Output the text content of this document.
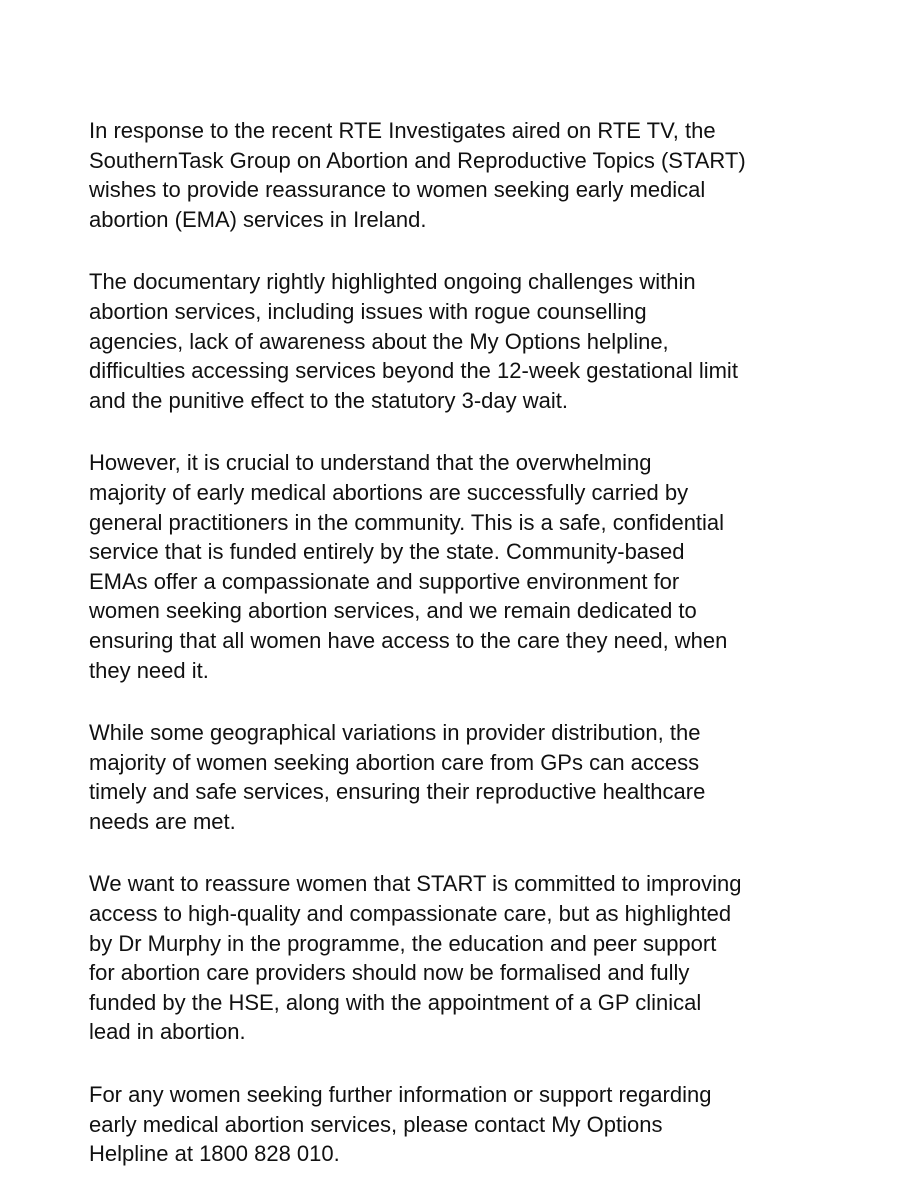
In response to the recent RTE Investigates aired on RTE TV, the
SouthernTask Group on Abortion and Reproductive Topics (START)
wishes to provide reassurance to women seeking early medical
abortion (EMA) services in Ireland.

The documentary rightly highlighted ongoing challenges within
abortion services, including issues with rogue counselling
agencies, lack of awareness about the My Options helpline,
difficulties accessing services beyond the 12-week gestational limit
and the punitive effect to the statutory 3-day wait.

However, it is crucial to understand that the overwhelming
majority of early medical abortions are successfully carried by
general practitioners in the community. This is a safe, confidential
service that is funded entirely by the state. Community-based
EMAs offer a compassionate and supportive environment for
women seeking abortion services, and we remain dedicated to
ensuring that all women have access to the care they need, when
they need it.

While some geographical variations in provider distribution, the
majority of women seeking abortion care from GPs can access
timely and safe services, ensuring their reproductive healthcare
needs are met.

We want to reassure women that START is committed to improving
access to high-quality and compassionate care, but as highlighted
by Dr Murphy in the programme, the education and peer support
for abortion care providers should now be formalised and fully
funded by the HSE, along with the appointment of a GP clinical
lead in abortion.

For any women seeking further information or support regarding
early medical abortion services, please contact My Options
Helpline at 1800 828 010.
